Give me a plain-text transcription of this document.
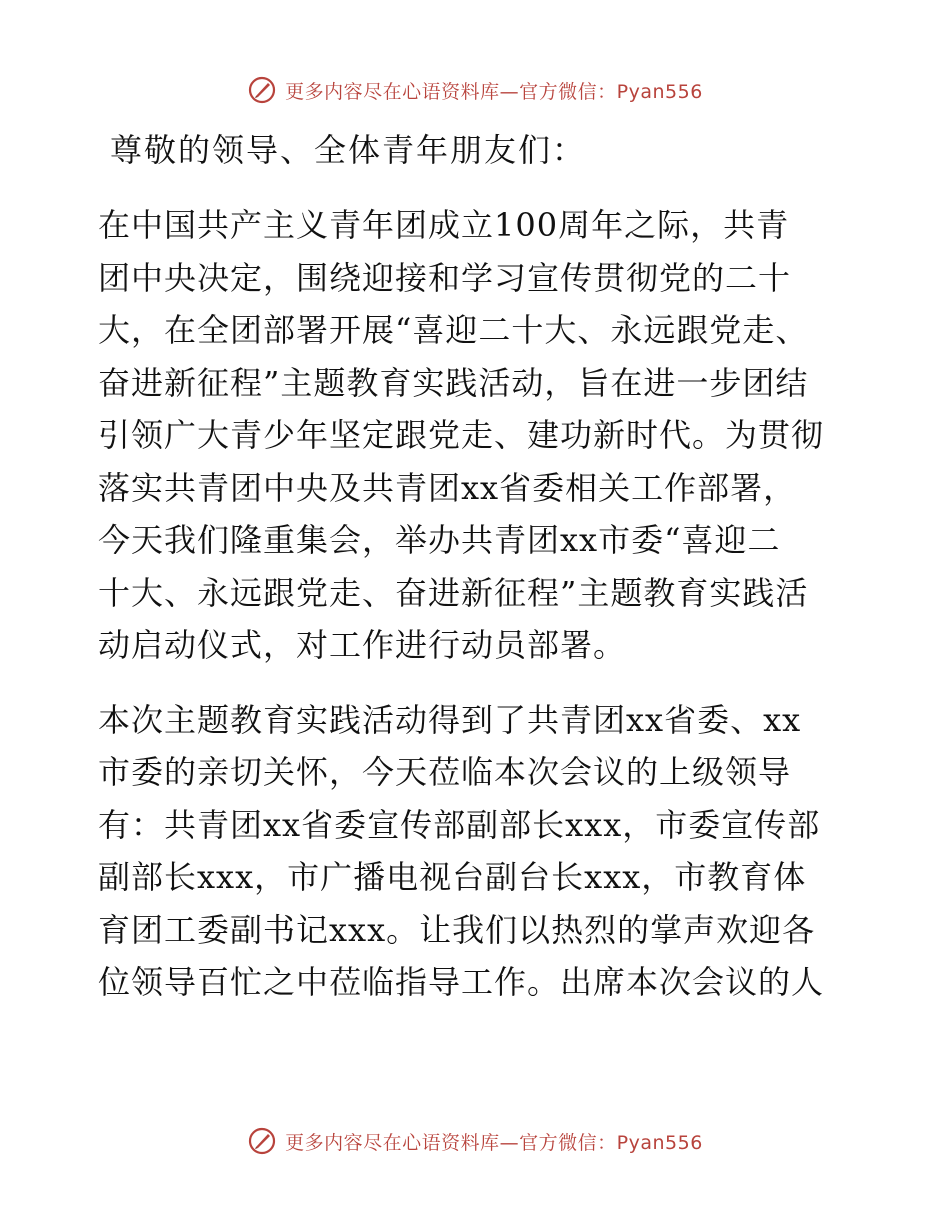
更多内容尽在心语资料库—官方微信：Pyan556
尊敬的领导、全体青年朋友们：
在中国共产主义青年团成立100周年之际，共青
团中央决定，围绕迎接和学习宣传贯彻党的二十
大，在全团部署开展“喜迎二十大、永远跟党走、
奋进新征程”主题教育实践活动，旨在进一步团结
引领广大青少年坚定跟党走、建功新时代。为贯彻
落实共青团中央及共青团xx省委相关工作部署，
今天我们隆重集会，举办共青团xx市委“喜迎二
十大、永远跟党走、奋进新征程”主题教育实践活
动启动仪式，对工作进行动员部署。
本次主题教育实践活动得到了共青团xx省委、xx
市委的亲切关怀，今天莅临本次会议的上级领导
有：共青团xx省委宣传部副部长xxx，市委宣传部
副部长xxx，市广播电视台副台长xxx，市教育体
育团工委副书记xxx。让我们以热烈的掌声欢迎各
位领导百忙之中莅临指导工作。出席本次会议的人
更多内容尽在心语资料库—官方微信：Pyan556
